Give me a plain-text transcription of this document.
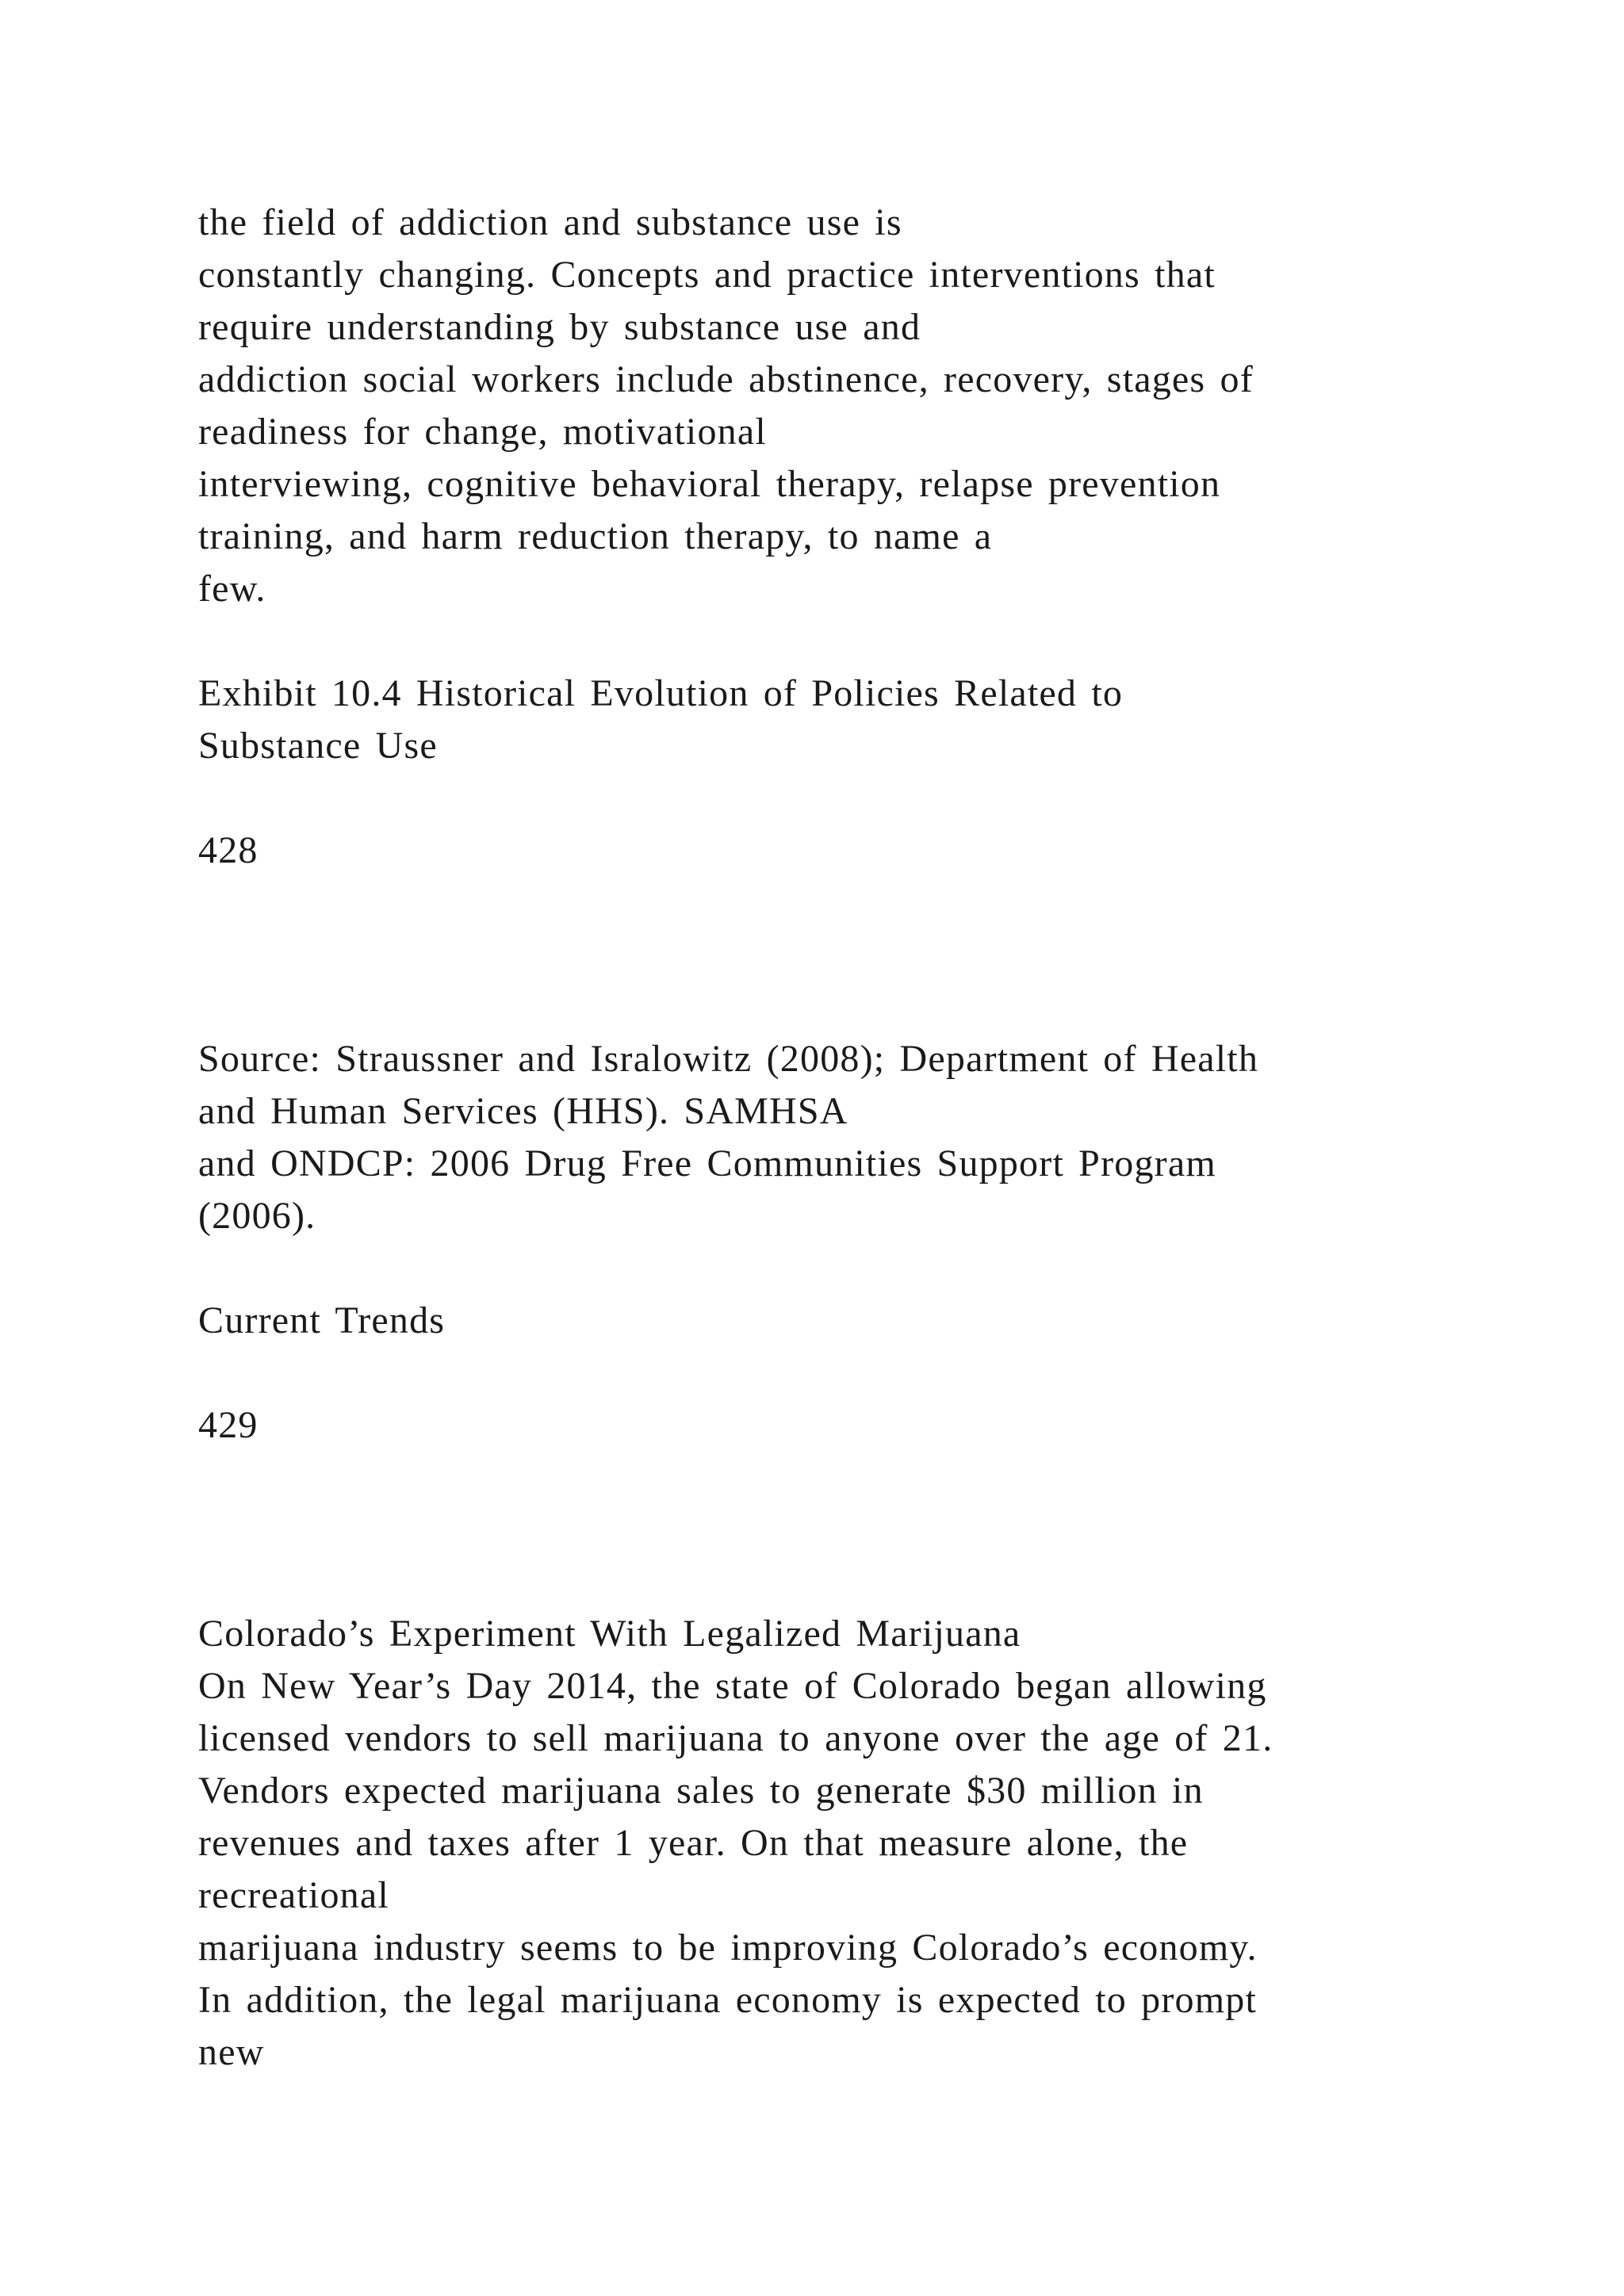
the field of addiction and substance use is

constantly changing. Concepts and practice interventions that

require understanding by substance use and

addiction social workers include abstinence, recovery, stages of

readiness for change, motivational

interviewing, cognitive behavioral therapy, relapse prevention

training, and harm reduction therapy, to name a

few.

Exhibit 10.4 Historical Evolution of Policies Related to

Substance Use

428

Source: Straussner and Isralowitz (2008); Department of Health

and Human Services (HHS). SAMHSA

and ONDCP: 2006 Drug Free Communities Support Program

(2006).

Current Trends

429

Colorado’s Experiment With Legalized Marijuana

On New Year’s Day 2014, the state of Colorado began allowing

licensed vendors to sell marijuana to anyone over the age of 21.

Vendors expected marijuana sales to generate $30 million in

revenues and taxes after 1 year. On that measure alone, the

recreational

marijuana industry seems to be improving Colorado’s economy.

In addition, the legal marijuana economy is expected to prompt

new
